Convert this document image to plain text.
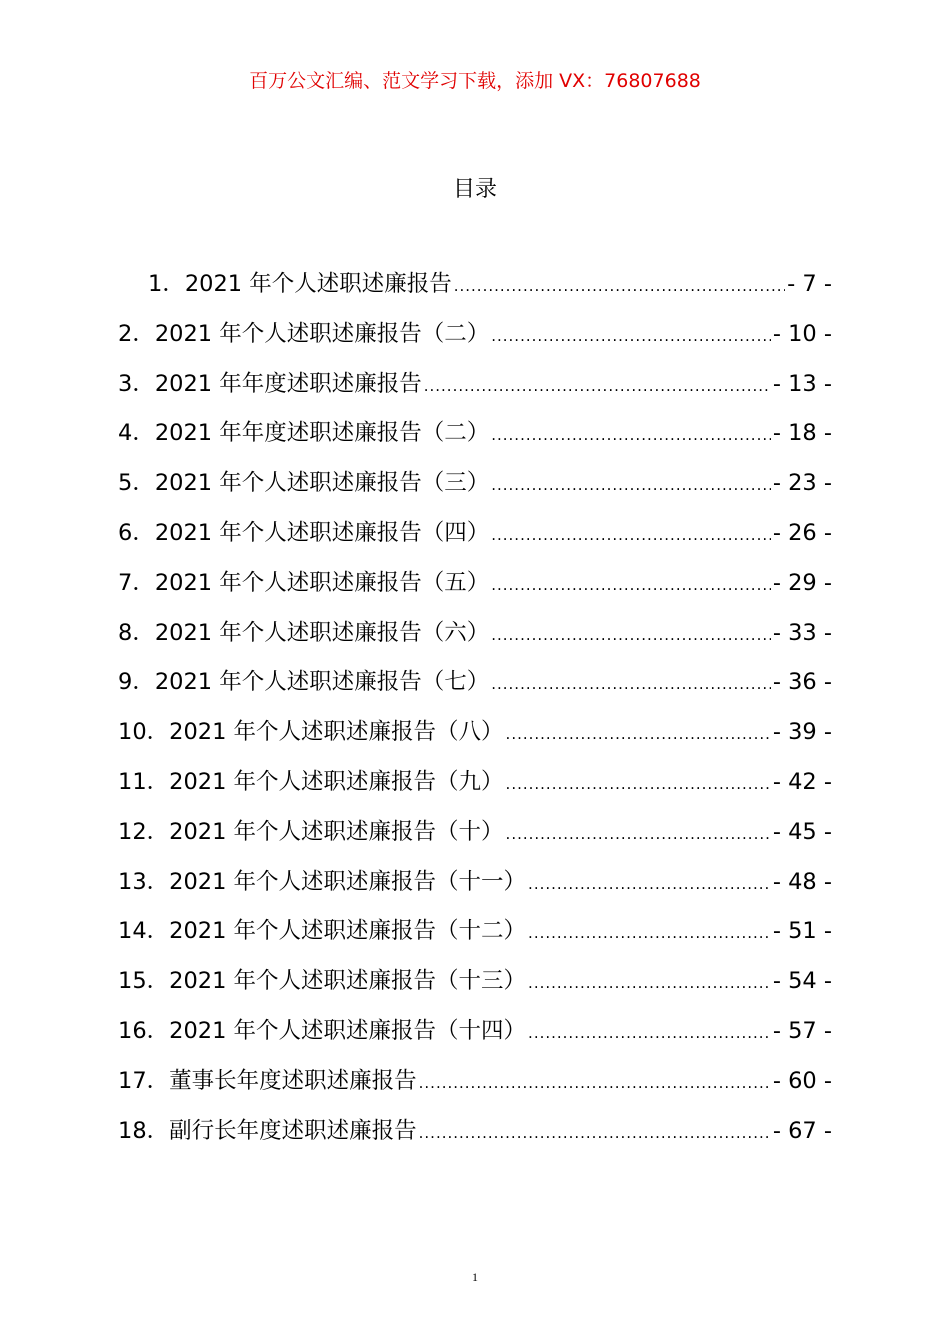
百万公文汇编、范文学习下载，添加 VX：76807688
目录
1．2021 年个人述职述廉报告 .....	- 7 -
2．2021 年个人述职述廉报告（二） .....	- 10 -
3．2021 年年度述职述廉报告 .....	- 13 -
4．2021 年年度述职述廉报告（二） .....	- 18 -
5．2021 年个人述职述廉报告（三） .....	- 23 -
6．2021 年个人述职述廉报告（四） .....	- 26 -
7．2021 年个人述职述廉报告（五） .....	- 29 -
8．2021 年个人述职述廉报告（六） .....	- 33 -
9．2021 年个人述职述廉报告（七） .....	- 36 -
10．2021 年个人述职述廉报告（八） .....	- 39 -
11．2021 年个人述职述廉报告（九） .....	- 42 -
12．2021 年个人述职述廉报告（十） .....	- 45 -
13．2021 年个人述职述廉报告（十一） .....	- 48 -
14．2021 年个人述职述廉报告（十二） .....	- 51 -
15．2021 年个人述职述廉报告（十三） .....	- 54 -
16．2021 年个人述职述廉报告（十四） .....	- 57 -
17．董事长年度述职述廉报告 .....	- 60 -
18．副行长年度述职述廉报告 .....	- 67 -
1
